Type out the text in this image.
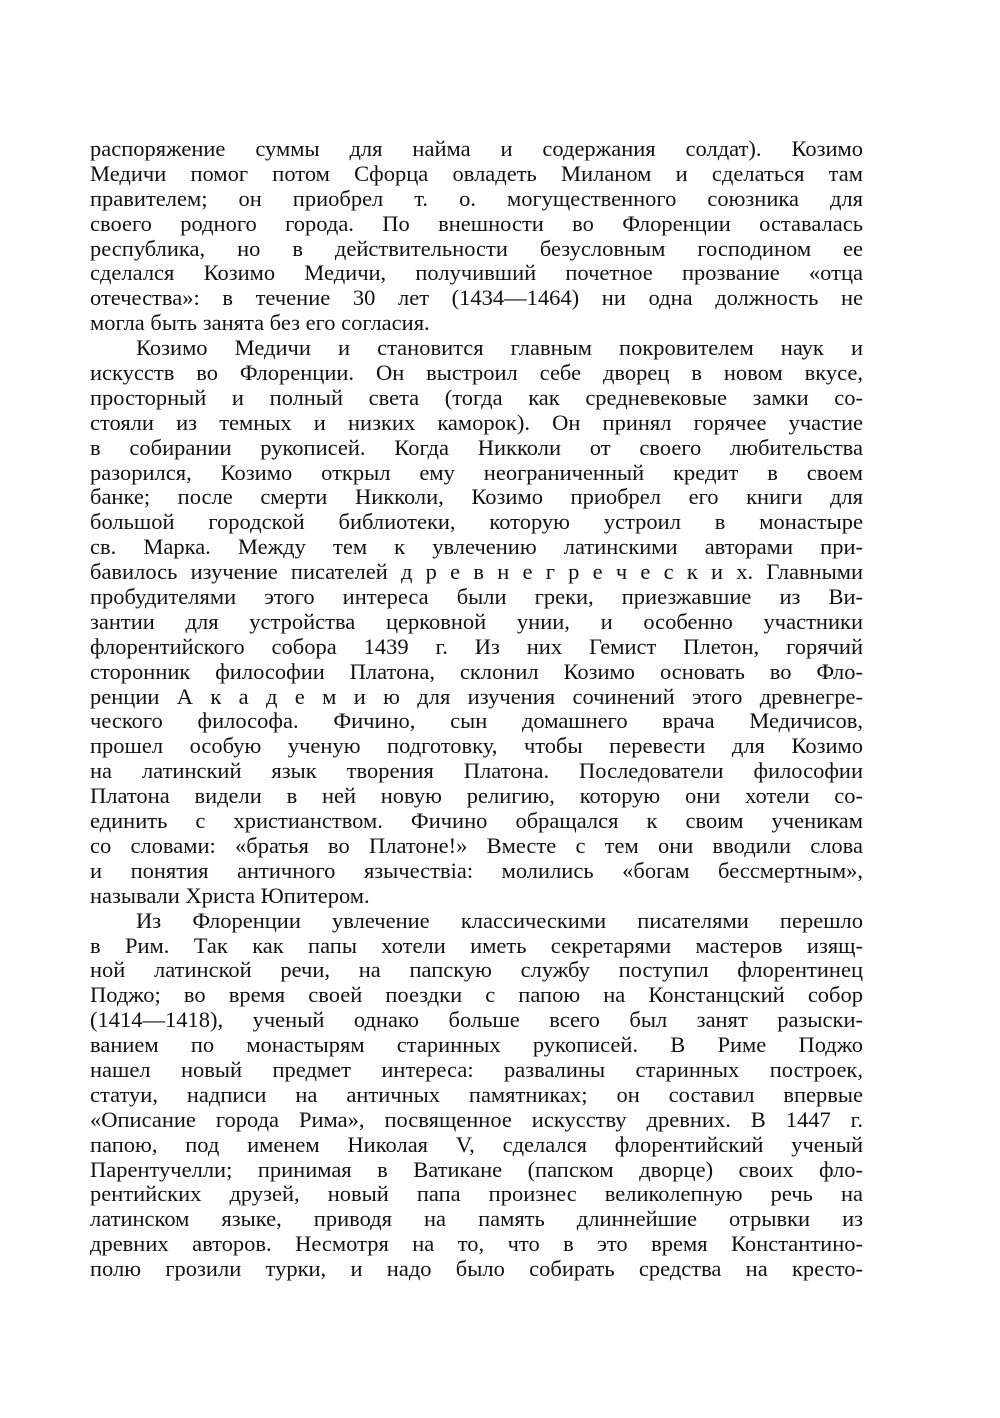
распоряжение суммы для найма и содержания солдат). Козимо
Медичи помог потом Сфорца овладеть Миланом и сделаться там
правителем; он приобрел т. о. могущественного союзника для
своего родного города. По внешности во Флоренции оставалась
республика, но в действительности безусловным господином ее
сделался Козимо Медичи, получивший почетное прозвание «отца
отечества»: в течение 30 лет (1434—1464) ни одна должность не
могла быть занята без его согласия.
Козимо Медичи и становится главным покровителем наук и
искусств во Флоренции. Он выстроил себе дворец в новом вкусе,
просторный и полный света (тогда как средневековые замки со-
стояли из темных и низких каморок). Он принял горячее участие
в собирании рукописей. Когда Никколи от своего любительства
разорился, Козимо открыл ему неограниченный кредит в своем
банке; после смерти Никколи, Козимо приобрел его книги для
большой городской библиотеки, которую устроил в монастыре
св. Марка. Между тем к увлечению латинскими авторами при-
бавилось изучение писателей д р е в н е г р е ч е с к и х. Главными
пробудителями этого интереса были греки, приезжавшие из Ви-
зантии для устройства церковной унии, и особенно участники
флорентийского собора 1439 г. Из них Гемист Плетон, горячий
сторонник философии Платона, склонил Козимо основать во Фло-
ренции А к а д е м и ю для изучения сочинений этого древнегре-
ческого философа. Фичино, сын домашнего врача Медичисов,
прошел особую ученую подготовку, чтобы перевести для Козимо
на латинский язык творения Платона. Последователи философии
Платона видели в ней новую религию, которую они хотели со-
единить с христианством. Фичино обращался к своим ученикам
со словами: «братья во Платоне!» Вместе с тем они вводили слова
и понятия античного язычествia: молились «богам бессмертным»,
называли Христа Юпитером.
Из Флоренции увлечение классическими писателями перешло
в Рим. Так как папы хотели иметь секретарями мастеров изящ-
ной латинской речи, на папскую службу поступил флорентинец
Поджо; во время своей поездки с папою на Констанцский собор
(1414—1418), ученый однако больше всего был занят разыски-
ванием по монастырям старинных рукописей. В Риме Поджо
нашел новый предмет интереса: развалины старинных построек,
статуи, надписи на античных памятниках; он составил впервые
«Описание города Рима», посвященное искусству древних. В 1447 г.
папою, под именем Николая V, сделался флорентийский ученый
Парентучелли; принимая в Ватикане (папском дворце) своих фло-
рентийских друзей, новый папа произнес великолепную речь на
латинском языке, приводя на память длиннейшие отрывки из
древних авторов. Несмотря на то, что в это время Константино-
полю грозили турки, и надо было собирать средства на кресто-
